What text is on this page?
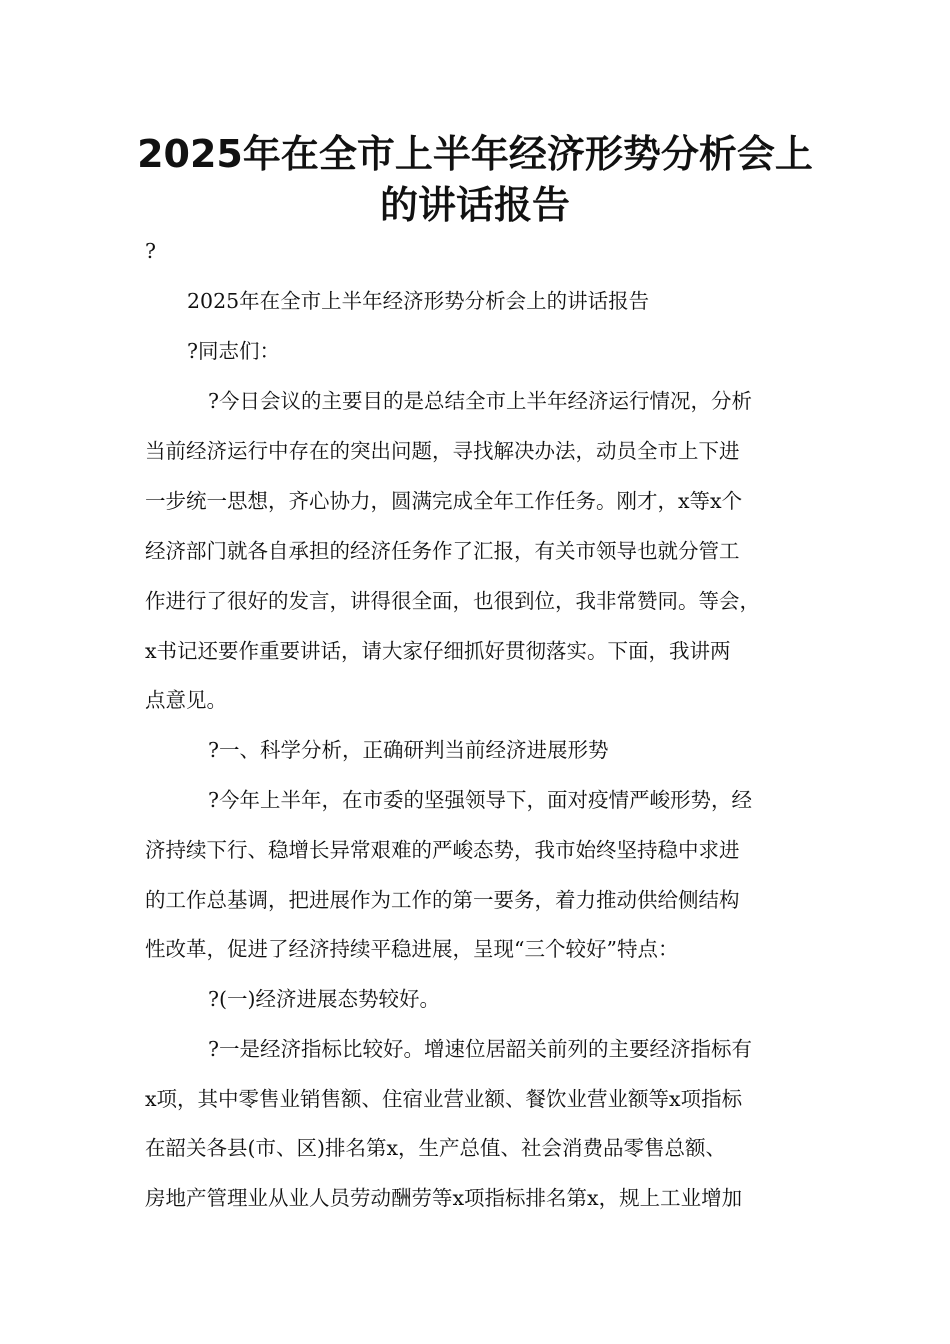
2025年在全市上半年经济形势分析会上
的讲话报告
?
2025年在全市上半年经济形势分析会上的讲话报告
?同志们：
?今日会议的主要目的是总结全市上半年经济运行情况，分析
当前经济运行中存在的突出问题，寻找解决办法，动员全市上下进
一步统一思想，齐心协力，圆满完成全年工作任务。刚才，x等x个
经济部门就各自承担的经济任务作了汇报，有关市领导也就分管工
作进行了很好的发言，讲得很全面，也很到位，我非常赞同。等会，
x书记还要作重要讲话，请大家仔细抓好贯彻落实。下面，我讲两
点意见。
?一、科学分析，正确研判当前经济进展形势
?今年上半年，在市委的坚强领导下，面对疫情严峻形势，经
济持续下行、稳增长异常艰难的严峻态势，我市始终坚持稳中求进
的工作总基调，把进展作为工作的第一要务，着力推动供给侧结构
性改革，促进了经济持续平稳进展，呈现“三个较好”特点：
?(一)经济进展态势较好。
?一是经济指标比较好。增速位居韶关前列的主要经济指标有
x项，其中零售业销售额、住宿业营业额、餐饮业营业额等x项指标
在韶关各县(市、区)排名第x，生产总值、社会消费品零售总额、
房地产管理业从业人员劳动酬劳等x项指标排名第x，规上工业增加
